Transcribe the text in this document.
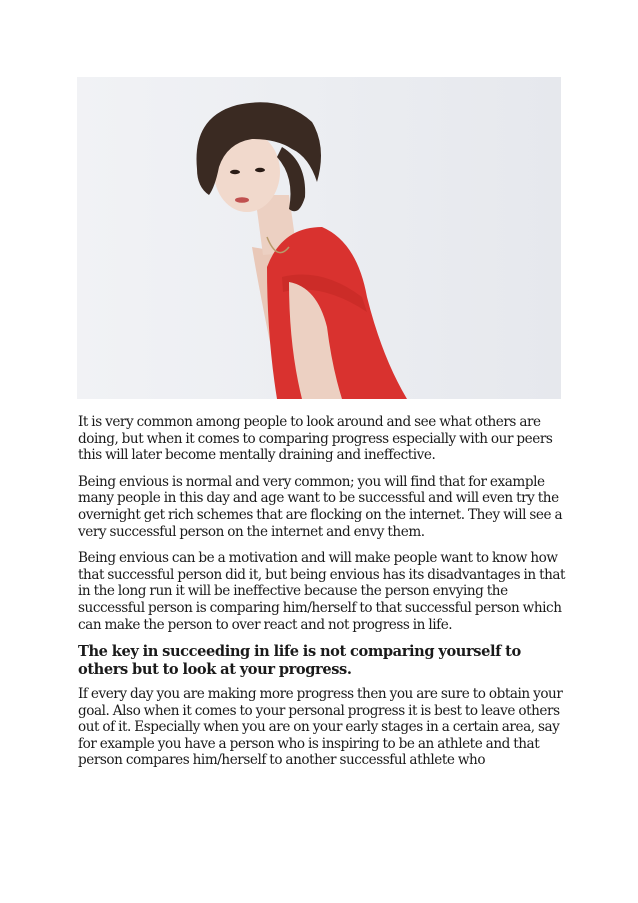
It is very common among people to look around and see what others are doing, but when it comes to comparing progress especially with our peers this will later become mentally draining and ineffective.

Being envious is normal and very common; you will find that for example many people in this day and age want to be successful and will even try the overnight get rich schemes that are flocking on the internet. They will see a very successful person on the internet and envy them.

Being envious can be a motivation and will make people want to know how that successful person did it, but being envious has its disadvantages in that in the long run it will be ineffective because the person envying the successful person is comparing him/herself to that successful person which can make the person to over react and not progress in life.

The key in succeeding in life is not comparing yourself to others but to look at your progress.

If every day you are making more progress then you are sure to obtain your goal. Also when it comes to your personal progress it is best to leave others out of it. Especially when you are on your early stages in a certain area, say for example you have a person who is inspiring to be an athlete and that person compares him/herself to another successful athlete who
